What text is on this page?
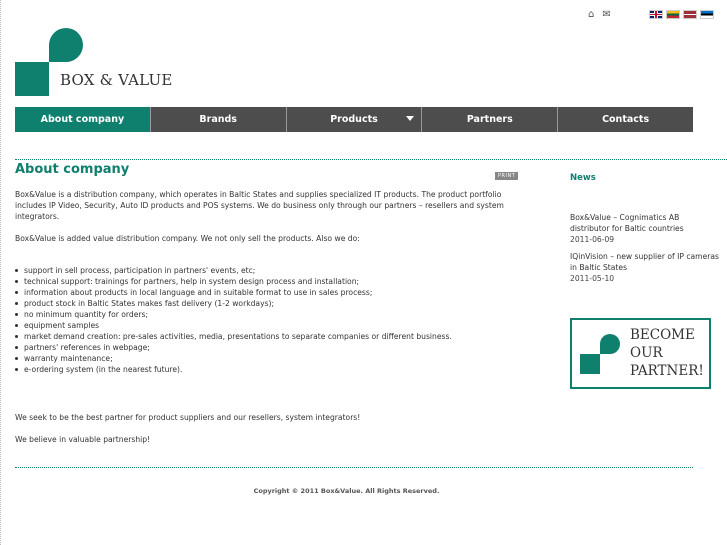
⌂ ✉
BOX & VALUE
About company	Brands	Products	Partners	Contacts
About company

Box&Value is a distribution company, which operates in Baltic States and supplies specialized IT products. The product portfolio includes IP Video, Security, Auto ID products and POS systems. We do business only through our partners – resellers and system integrators.

Box&Value is added value distribution company. We not only sell the products. Also we do:

support in sell process, participation in partners' events, etc;
technical support: trainings for partners, help in system design process and installation;
information about products in local language and in suitable format to use in sales process;
product stock in Baltic States makes fast delivery (1-2 workdays);
no minimum quantity for orders;
equipment samples
market demand creation: pre-sales activities, media, presentations to separate companies or different business.
partners' references in webpage;
warranty maintenance;
e-ordering system (in the nearest future).

We seek to be the best partner for product suppliers and our resellers, system integrators!

We believe in valuable partnership!

PRINT	News
Box&Value – Cognimatics AB distributor for Baltic countries
2011-06-09
IQinVision – new supplier of IP cameras in Baltic States
2011-05-10
BECOME
OUR
PARTNER!
Copyright © 2011 Box&Value. All Rights Reserved.
